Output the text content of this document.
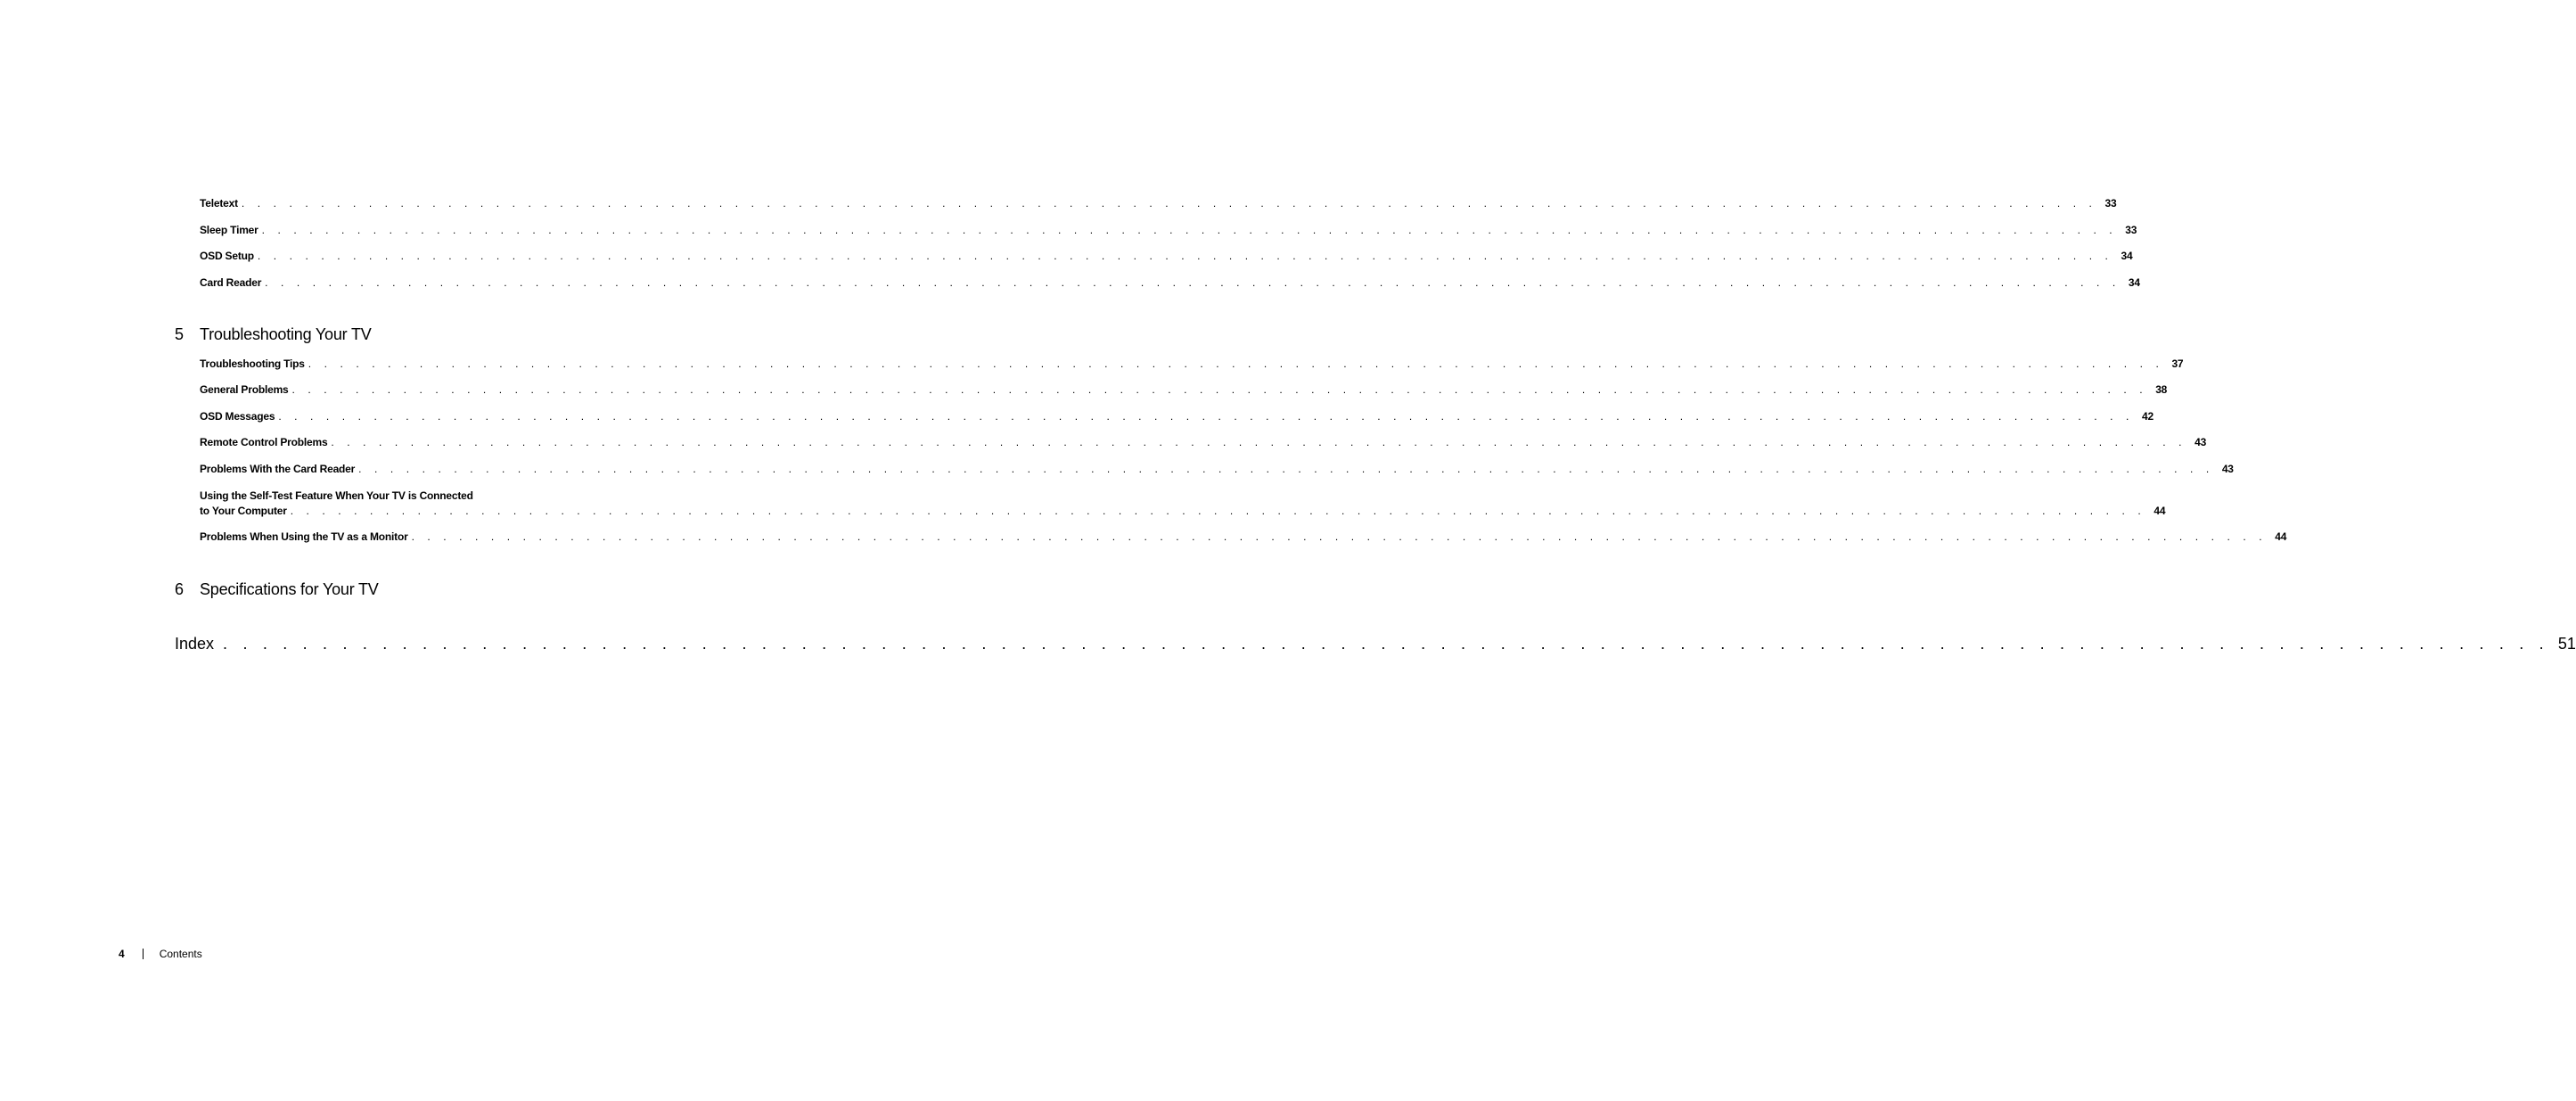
Teletext . . . . . . . . . . . . . . . . . . . . . . . . . . . . . . . . . . . . . . . . . . . . . . . . . . . . . . . . . . . . . . . . . . . . . . . . . . . . . . . . . . . . . . . . . . . . . . . . . . . . . . . . . . . . . . . . . . . . . 33
Sleep Timer . . . . . . . . . . . . . . . . . . . . . . . . . . . . . . . . . . . . . . . . . . . . . . . . . . . . . . . . . . . . . . . . . . . . . . . . . . . . . . . . . . . . . . . . . . . . . . . . . . . . . . . . . . . . . . . . . . . . . 33
OSD Setup . . . . . . . . . . . . . . . . . . . . . . . . . . . . . . . . . . . . . . . . . . . . . . . . . . . . . . . . . . . . . . . . . . . . . . . . . . . . . . . . . . . . . . . . . . . . . . . . . . . . . . . . . . . . . . . . . . . . . 34
Card Reader . . . . . . . . . . . . . . . . . . . . . . . . . . . . . . . . . . . . . . . . . . . . . . . . . . . . . . . . . . . . . . . . . . . . . . . . . . . . . . . . . . . . . . . . . . . . . . . . . . . . . . . . . . . . . . . . . . . . . 34
5 Troubleshooting Your TV
Troubleshooting Tips . . . . . . . . . . . . . . . . . . . . . . . . . . . . . . . . . . . . . . . . . . . . . . . . . . . . . . . . . . . . . . . . . . . . . . . . . . . . . . . . . . . . . . . . . . . . . . . . . . . . . . . . . . . . . . . . . . . . . 37
General Problems . . . . . . . . . . . . . . . . . . . . . . . . . . . . . . . . . . . . . . . . . . . . . . . . . . . . . . . . . . . . . . . . . . . . . . . . . . . . . . . . . . . . . . . . . . . . . . . . . . . . . . . . . . . . . . . . . . . . . 38
OSD Messages . . . . . . . . . . . . . . . . . . . . . . . . . . . . . . . . . . . . . . . . . . . . . . . . . . . . . . . . . . . . . . . . . . . . . . . . . . . . . . . . . . . . . . . . . . . . . . . . . . . . . . . . . . . . . . . . . . . . . 42
Remote Control Problems . . . . . . . . . . . . . . . . . . . . . . . . . . . . . . . . . . . . . . . . . . . . . . . . . . . . . . . . . . . . . . . . . . . . . . . . . . . . . . . . . . . . . . . . . . . . . . . . . . . . . . . . . . . . . . . . . . . . . 43
Problems With the Card Reader . . . . . . . . . . . . . . . . . . . . . . . . . . . . . . . . . . . . . . . . . . . . . . . . . . . . . . . . . . . . . . . . . . . . . . . . . . . . . . . . . . . . . . . . . . . . . . . . . . . . . . . . . . . . . . . . . . . . . 43
Using the Self-Test Feature When Your TV is Connected
to Your Computer . . . . . . . . . . . . . . . . . . . . . . . . . . . . . . . . . . . . . . . . . . . . . . . . . . . . . . . . . . . . . . . . . . . . . . . . . . . . . . . . . . . . . . . . . . . . . . . . . . . . . . . . . . . . . . . . . . . . . 44
Problems When Using the TV as a Monitor . . . . . . . . . . . . . . . . . . . . . . . . . . . . . . . . . . . . . . . . . . . . . . . . . . . . . . . . . . . . . . . . . . . . . . . . . . . . . . . . . . . . . . . . . . . . . . . . . . . . . . . . . . . . . . . . . . . . . 44
6 Specifications for Your TV
Index . . . . . . . . . . . . . . . . . . . . . . . . . . . . . . . . . . . . . . . . . . . . . . . . . . . . . . . . . . . . . . . . . . . . . . . . . . . . . . . . . . . . . . . . . . . . . . . . . . . . . . . . . . . . . . . . . . . . . 51
4	Contents
